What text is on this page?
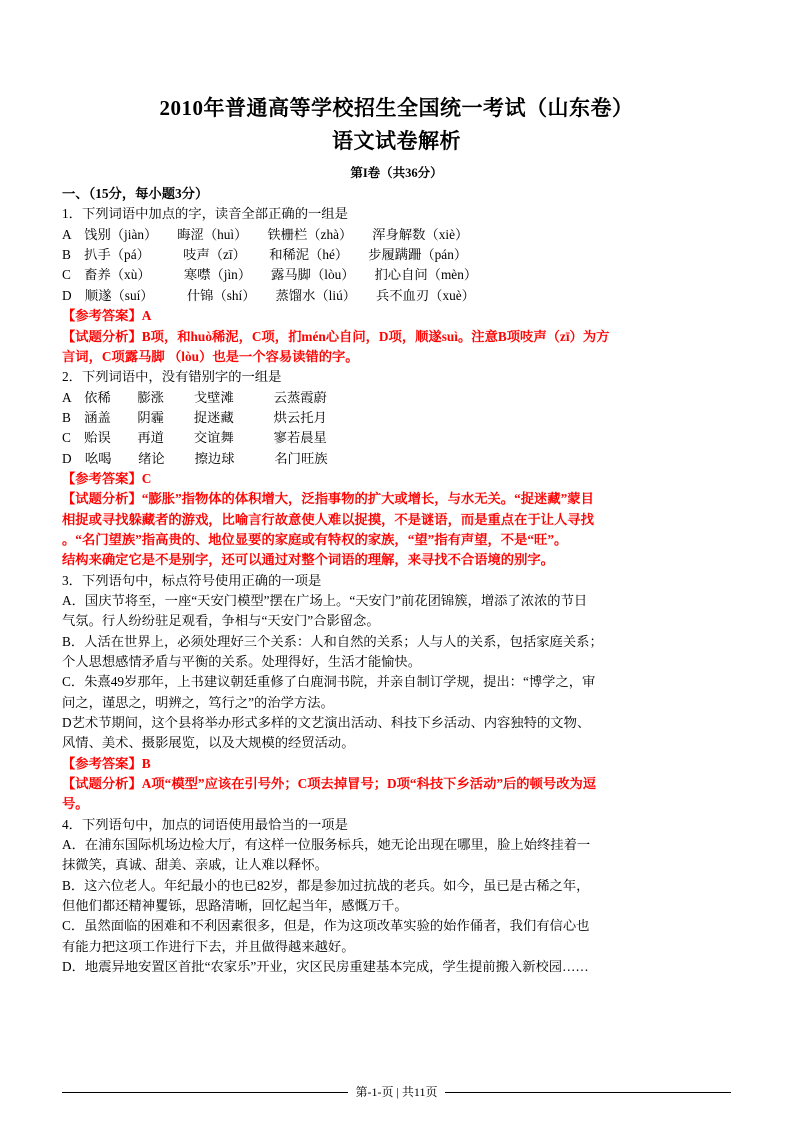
2010年普通高等学校招生全国统一考试（山东卷）
语文试卷解析
第I卷（共36分）

一、（15分，每小题3分）

1．下列词语中加点的字，读音全部正确的一组是

A　饯别（jiàn）　　晦涩（huì）　　铁栅栏（zhà）　　浑身解数（xiè）

B　扒手（pá）　　　吱声（zī）　　 和稀泥（hé）　　步履蹒跚（pán）

C　畜养（xù）　　　寒噤（jìn）　　露马脚（lòu）　　扪心自问（mèn）

D　顺遂（suí）　　　什锦（shí）　　蒸馏水（liú）　　兵不血刃（xuè）

【参考答案】A

【试题分析】B项，和huò稀泥，C项，扪mén心自问，D项，顺遂suì。注意B项吱声（zī）为方

言词，C项露马脚 （lòu）也是一个容易读错的字。

2．下列词语中，没有错别字的一组是

A　依稀　　膨涨　　 戈壁滩　　　云蒸霞蔚

B　涵盖　　阴霾　　 捉迷藏　　　烘云托月

C　贻误　　再道　　 交谊舞　　　寥若晨星

D　吆喝　　绪论　　 擦边球　　　名门旺族

【参考答案】C

【试题分析】“膨胀”指物体的体积增大，泛指事物的扩大或增长，与水无关。“捉迷藏”蒙目

相捉或寻找躲藏者的游戏，比喻言行故意使人难以捉摸，不是谜语，而是重点在于让人寻找

。“名门望族”指高贵的、地位显要的家庭或有特权的家族，“望”指有声望，不是“旺”。

结构来确定它是不是别字，还可以通过对整个词语的理解，来寻找不合语境的别字。

3．下列语句中，标点符号使用正确的一项是

A．国庆节将至，一座“天安门模型”摆在广场上。“天安门”前花团锦簇，增添了浓浓的节日

气氛。行人纷纷驻足观看，争相与“天安门”合影留念。

B．人活在世界上，必须处理好三个关系：人和自然的关系；人与人的关系，包括家庭关系；

个人思想感情矛盾与平衡的关系。处理得好，生活才能愉快。

C．朱熹49岁那年，上书建议朝廷重修了白鹿洞书院，并亲自制订学规，提出：“博学之，审

问之，谨思之，明辨之，笃行之”的治学方法。

D艺术节期间，这个县将举办形式多样的文艺演出活动、科技下乡活动、内容独特的文物、

风情、美术、摄影展览，以及大规模的经贸活动。

【参考答案】B

【试题分析】A项“模型”应该在引号外；C项去掉冒号；D项“科技下乡活动”后的顿号改为逗

号。

4．下列语句中，加点的词语使用最恰当的一项是

A．在浦东国际机场边检大厅，有这样一位服务标兵，她无论出现在哪里，脸上始终挂着一

抹微笑，真诚、甜美、亲戚，让人难以释怀。

B．这六位老人。年纪最小的也已82岁，都是参加过抗战的老兵。如今，虽已是古稀之年，

但他们都还精神矍铄，思路清晰，回忆起当年，感慨万千。

C．虽然面临的困难和不利因素很多，但是，作为这项改革实验的始作俑者，我们有信心也

有能力把这项工作进行下去，并且做得越来越好。

D．地震异地安置区首批“农家乐”开业，灾区民房重建基本完成，学生提前搬入新校园……

第-1-页 | 共11页
